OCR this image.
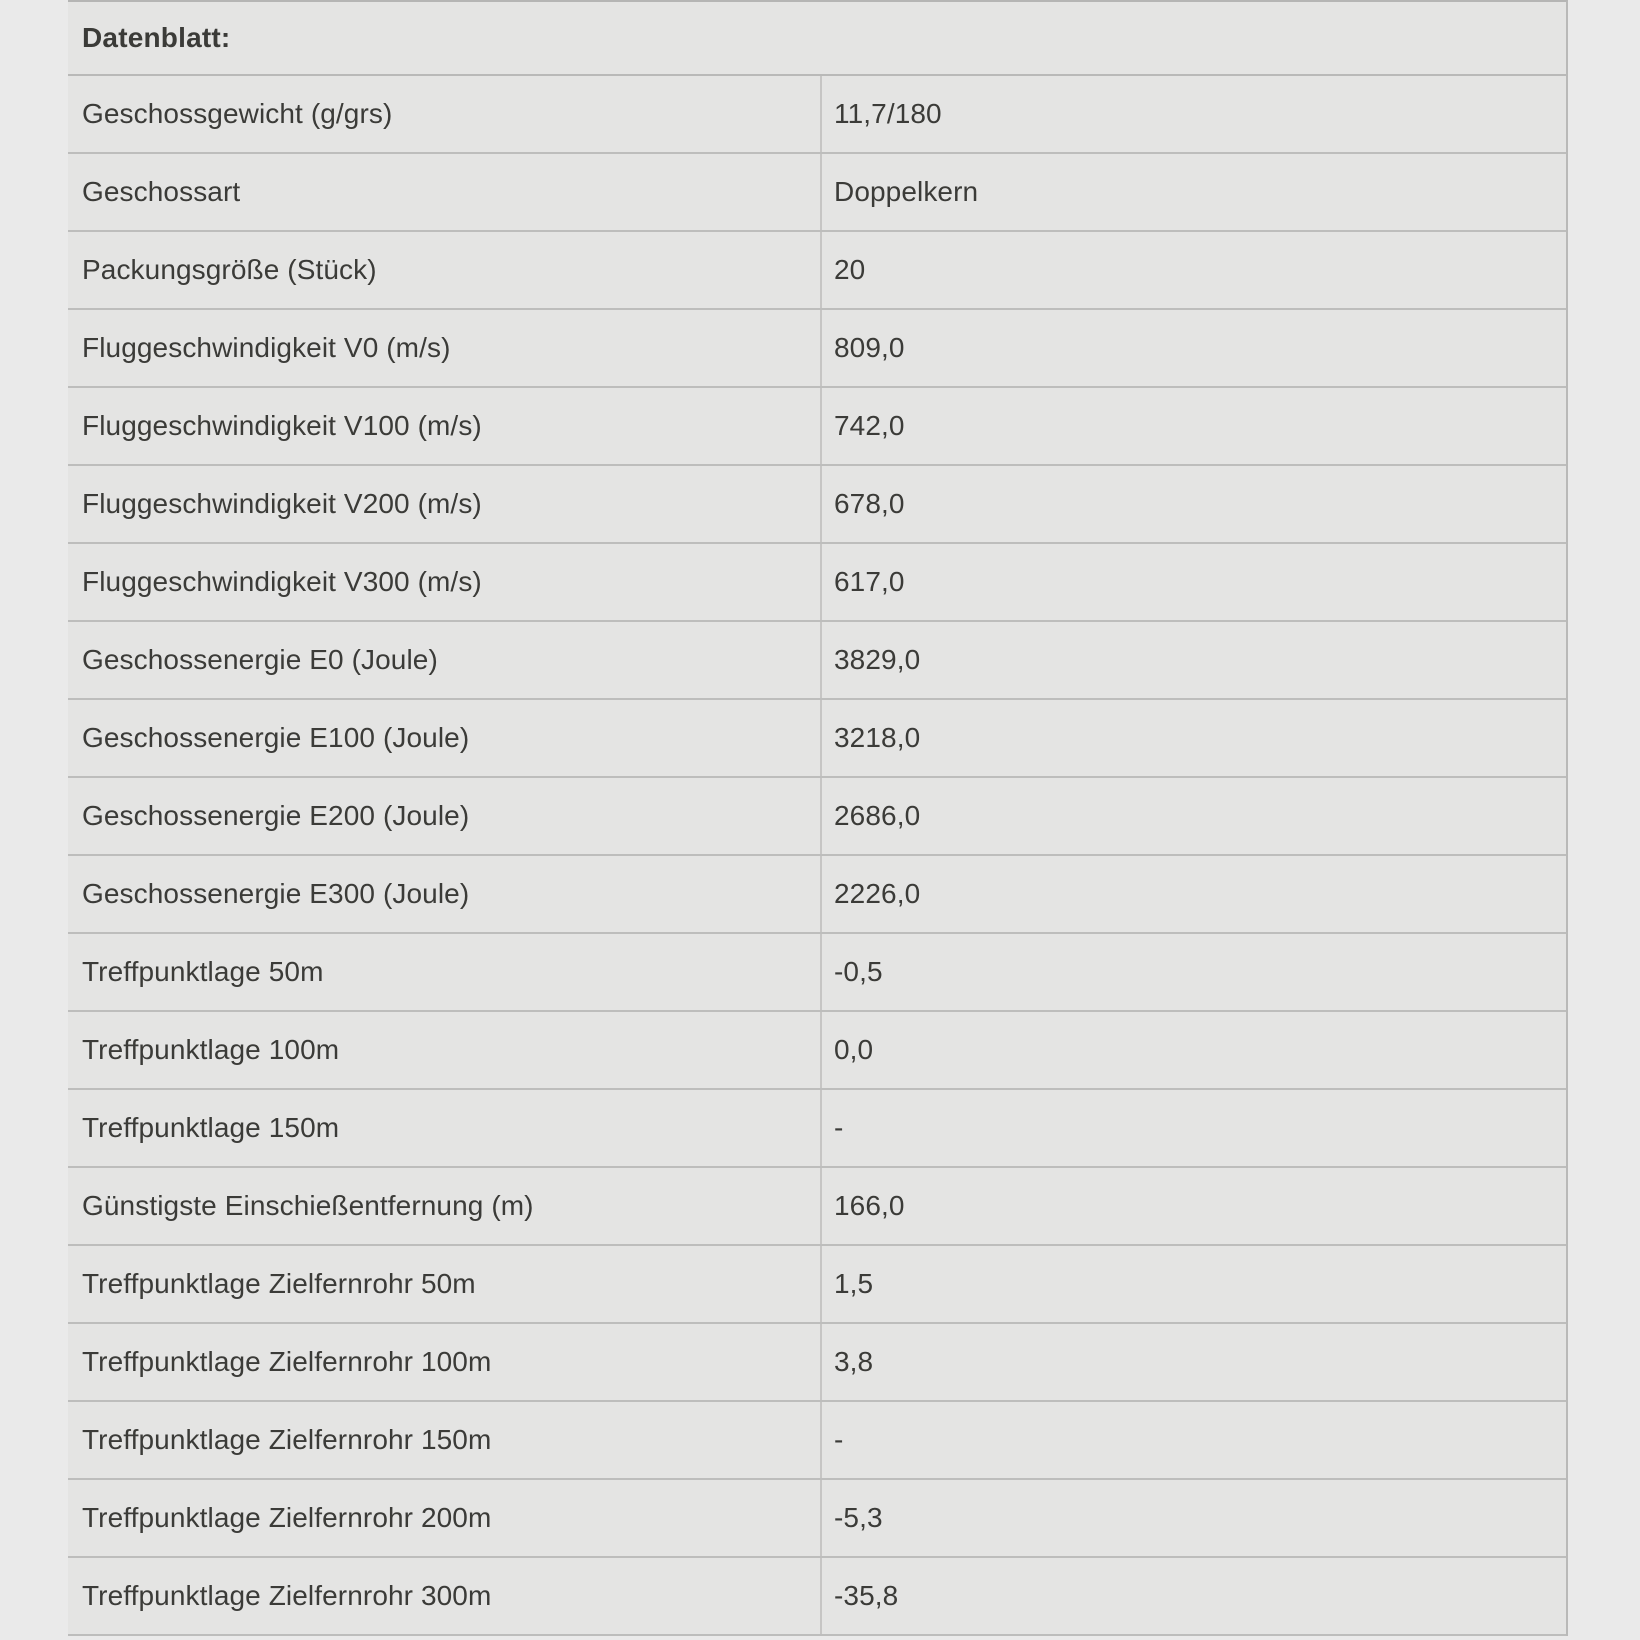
Datenblatt:
Geschossgewicht (g/grs)	11,7/180
Geschossart	Doppelkern
Packungsgröße (Stück)	20
Fluggeschwindigkeit V0 (m/s)	809,0
Fluggeschwindigkeit V100 (m/s)	742,0
Fluggeschwindigkeit V200 (m/s)	678,0
Fluggeschwindigkeit V300 (m/s)	617,0
Geschossenergie E0 (Joule)	3829,0
Geschossenergie E100 (Joule)	3218,0
Geschossenergie E200 (Joule)	2686,0
Geschossenergie E300 (Joule)	2226,0
Treffpunktlage 50m	-0,5
Treffpunktlage 100m	0,0
Treffpunktlage 150m	-
Günstigste Einschießentfernung (m)	166,0
Treffpunktlage Zielfernrohr 50m	1,5
Treffpunktlage Zielfernrohr 100m	3,8
Treffpunktlage Zielfernrohr 150m	-
Treffpunktlage Zielfernrohr 200m	-5,3
Treffpunktlage Zielfernrohr 300m	-35,8
